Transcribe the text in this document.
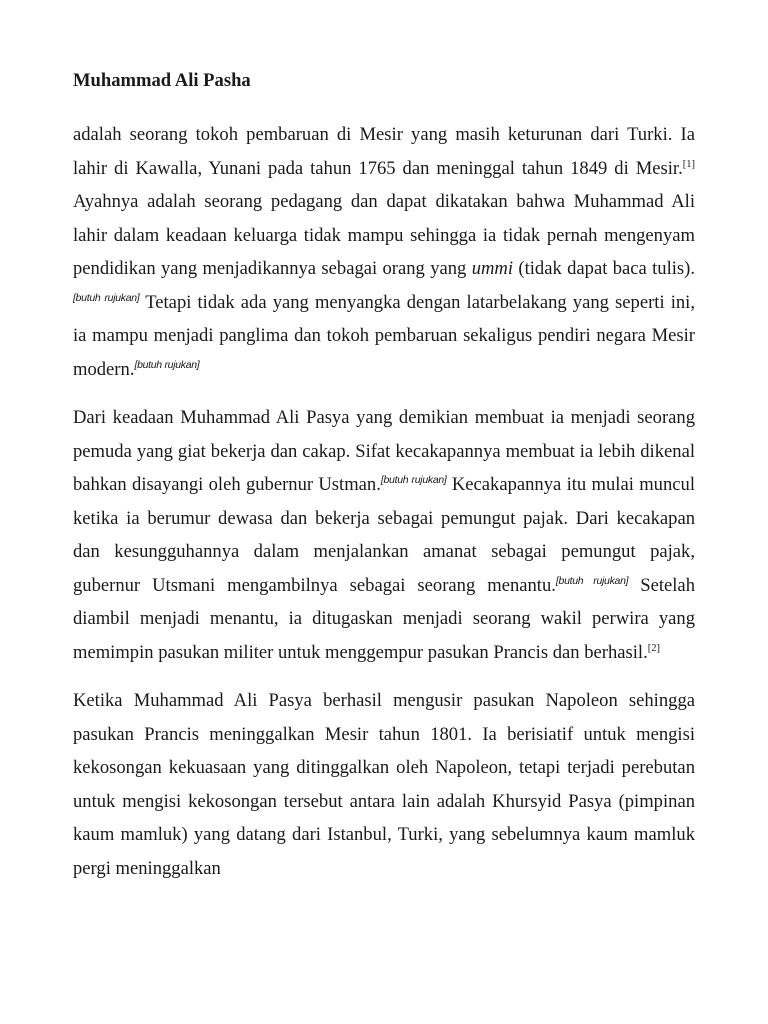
Muhammad Ali Pasha

adalah seorang tokoh pembaruan di Mesir yang masih keturunan dari Turki. Ia lahir di Kawalla, Yunani pada tahun 1765 dan meninggal tahun 1849 di Mesir.[1] Ayahnya adalah seorang pedagang dan dapat dikatakan bahwa Muhammad Ali lahir dalam keadaan keluarga tidak mampu sehingga ia tidak pernah mengenyam pendidikan yang menjadikannya sebagai orang yang ummi (tidak dapat baca tulis).[butuh rujukan] Tetapi tidak ada yang menyangka dengan latarbelakang yang seperti ini, ia mampu menjadi panglima dan tokoh pembaruan sekaligus pendiri negara Mesir modern.[butuh rujukan]

Dari keadaan Muhammad Ali Pasya yang demikian membuat ia menjadi seorang pemuda yang giat bekerja dan cakap. Sifat kecakapannya membuat ia lebih dikenal bahkan disayangi oleh gubernur Ustman.[butuh rujukan] Kecakapannya itu mulai muncul ketika ia berumur dewasa dan bekerja sebagai pemungut pajak. Dari kecakapan dan kesungguhannya dalam menjalankan amanat sebagai pemungut pajak, gubernur Utsmani mengambilnya sebagai seorang menantu.[butuh rujukan] Setelah diambil menjadi menantu, ia ditugaskan menjadi seorang wakil perwira yang memimpin pasukan militer untuk menggempur pasukan Prancis dan berhasil.[2]

Ketika Muhammad Ali Pasya berhasil mengusir pasukan Napoleon sehingga pasukan Prancis meninggalkan Mesir tahun 1801. Ia berisiatif untuk mengisi kekosongan kekuasaan yang ditinggalkan oleh Napoleon, tetapi terjadi perebutan untuk mengisi kekosongan tersebut antara lain adalah Khursyid Pasya (pimpinan kaum mamluk) yang datang dari Istanbul, Turki, yang sebelumnya kaum mamluk pergi meninggalkan
